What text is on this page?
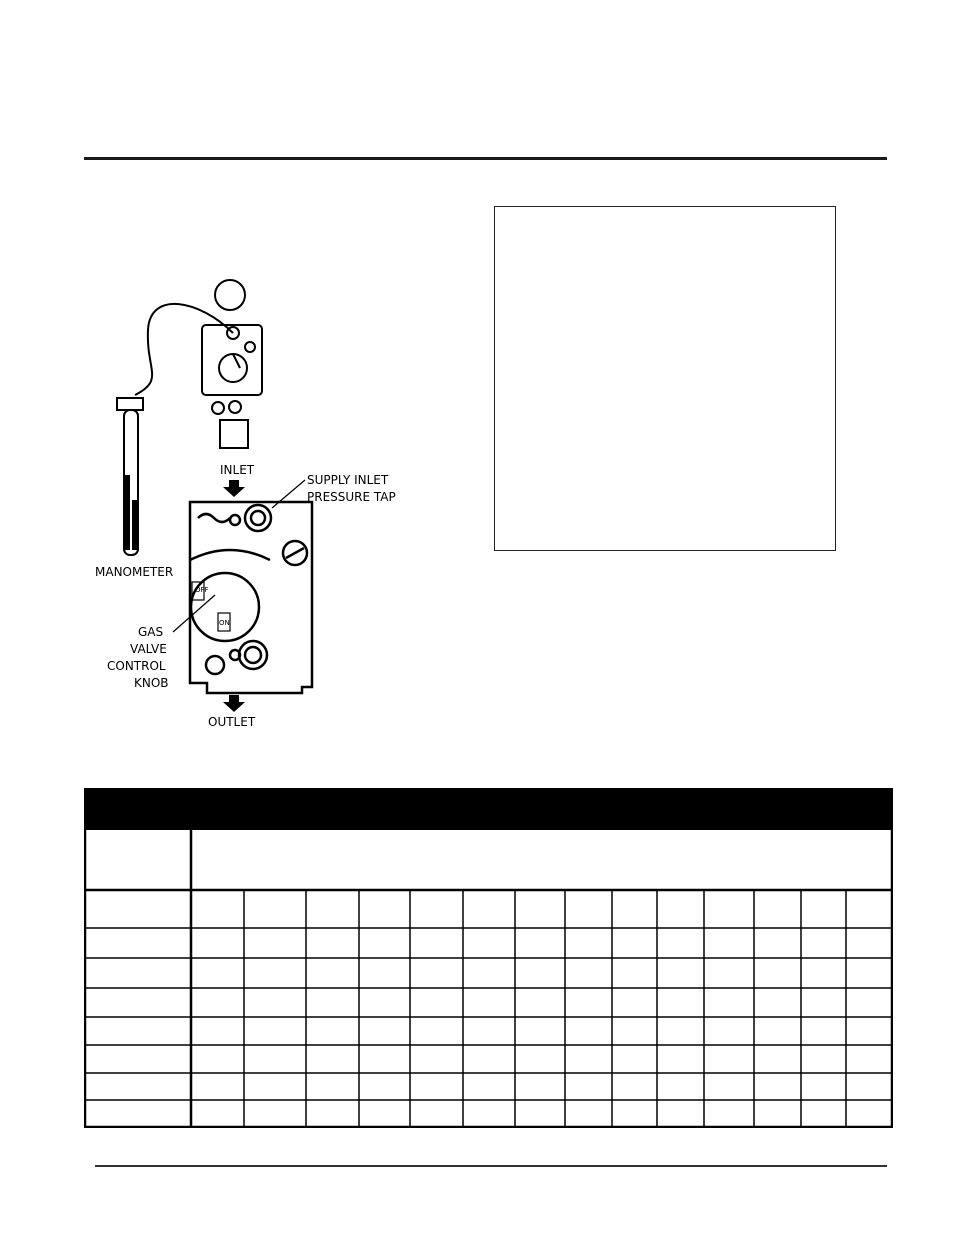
MANOMETER
INLET
SUPPLY INLET
PRESSURE TAP
OFF
ON
GAS
VALVE
CONTROL
KNOB
OUTLET
